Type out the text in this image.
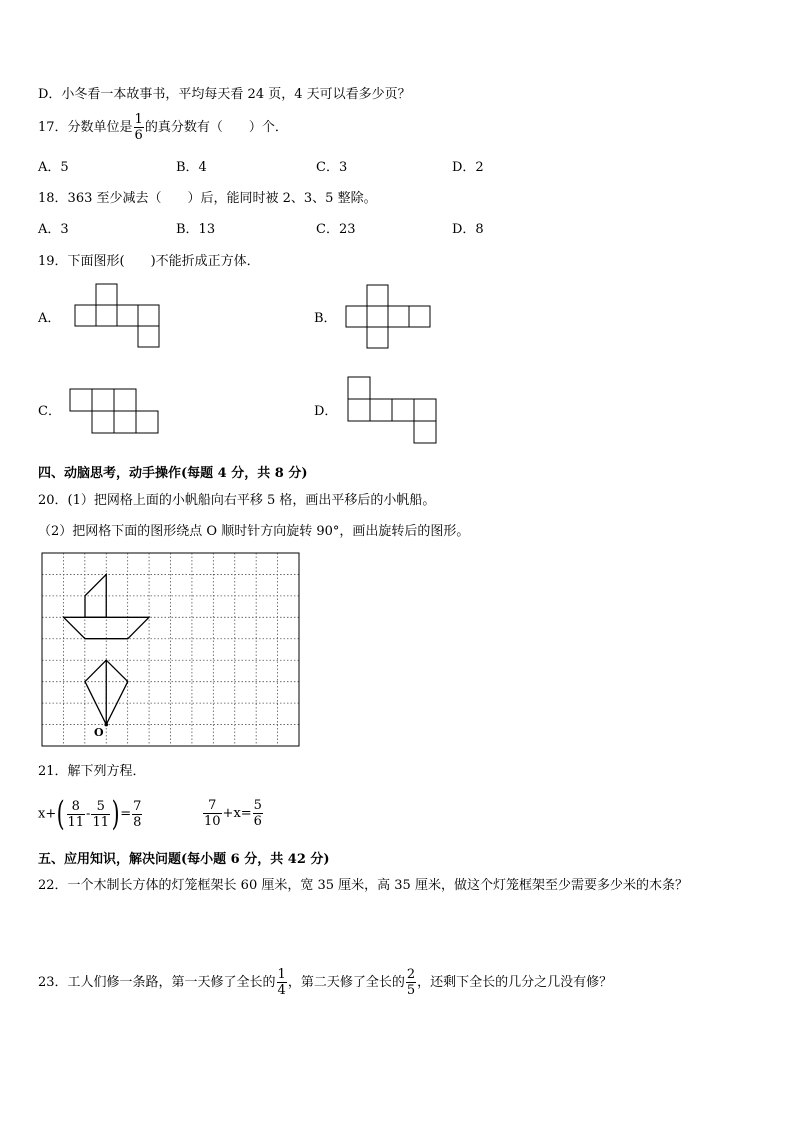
D．小冬看一本故事书，平均每天看 24 页，4 天可以看多少页？
17．分数单位是 $\frac{1}{6}$ 的真分数有（　　）个．
A．5	B．4	C．3	D．2
18．363 至少减去（　　）后，能同时被 2、3、5 整除。
A．3	B．13	C．23	D．8
19．下面图形(　　)不能折成正方体．
A．	B．
C．	D．
四、动脑思考，动手操作(每题 4 分，共 8 分)
20．(1）把网格上面的小帆船向右平移 5 格，画出平移后的小帆船。
（2）把网格下面的图形绕点 O 顺时针方向旋转 90°，画出旋转后的图形。
O
21．解下列方程．
$x+( \frac{8}{11} - \frac{5}{11}$ )= $\frac{7}{8}$	$\frac{7}{10} +x= \frac{5}{6}$
五、应用知识，解决问题(每小题 6 分，共 42 分)
22．一个木制长方体的灯笼框架长 60 厘米，宽 35 厘米，高 35 厘米，做这个灯笼框架至少需要多少米的木条？
23．工人们修一条路，第一天修了全长的 $\frac{1}{4}$ ，第二天修了全长的 $\frac{2}{5}$ ，还剩下全长的几分之几没有修？
